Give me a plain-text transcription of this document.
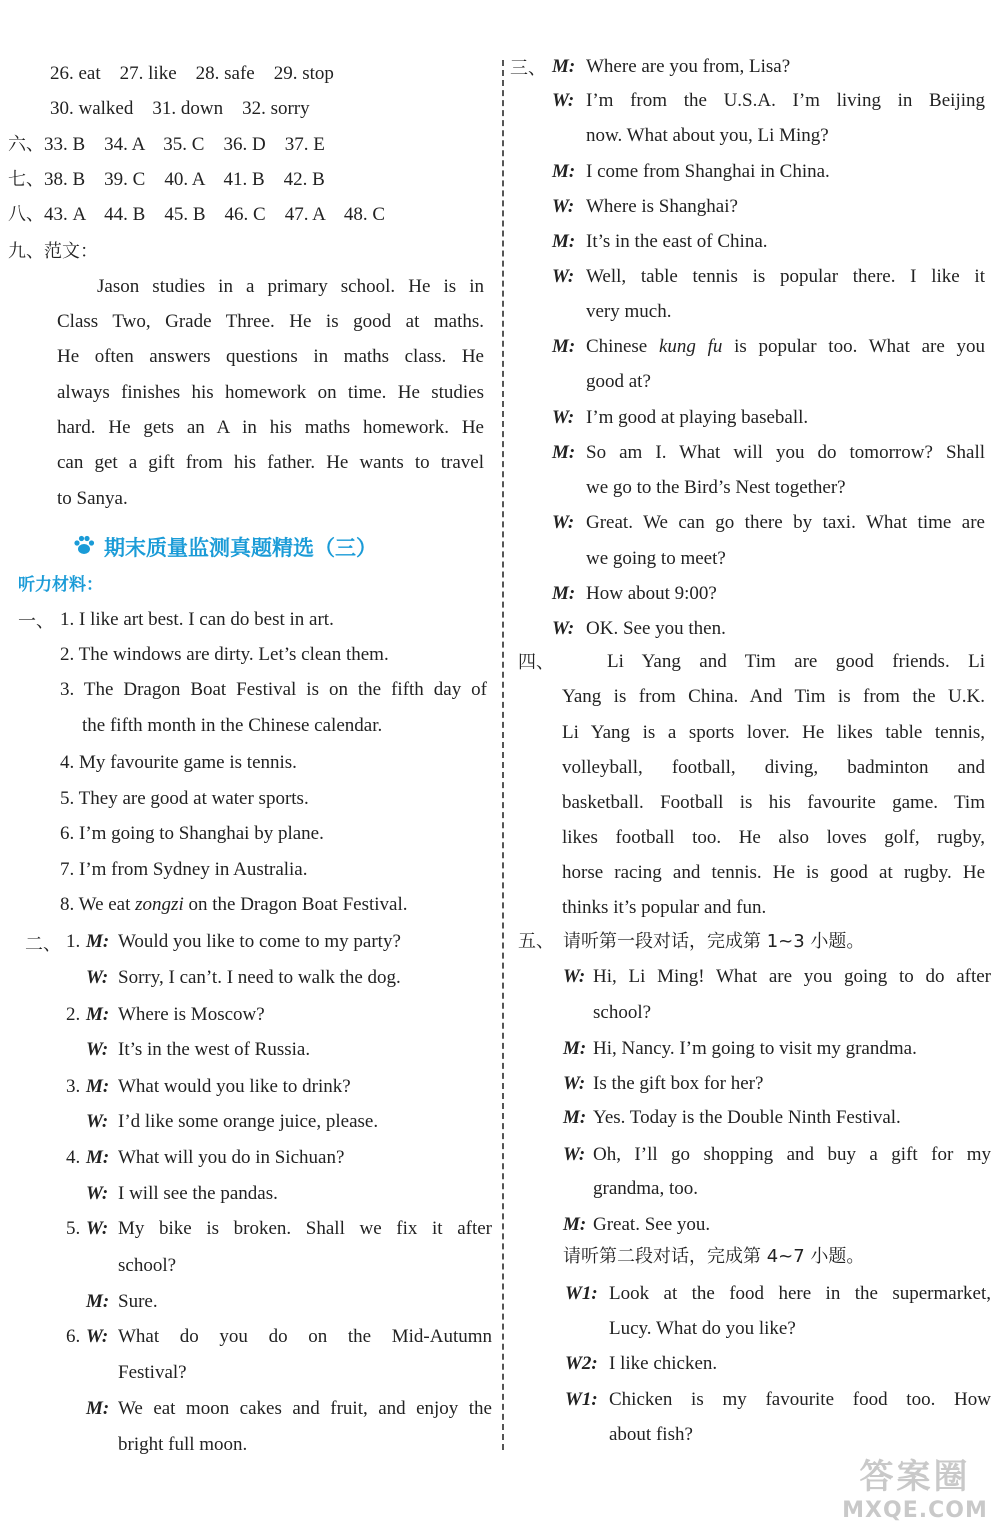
26. eat    27. like    28. safe    29. stop
30. walked    31. down    32. sorry
六、33. B    34. A    35. C    36. D    37. E
七、38. B    39. C    40. A    41. B    42. B
八、43. A    44. B    45. B    46. C    47. A    48. C
九、范文：
Jason studies in a primary school. He is in
Class Two, Grade Three. He is good at maths.
He often answers questions in maths class. He
always finishes his homework on time. He studies
hard. He gets an A in his maths homework. He
can get a gift from his father. He wants to travel
to Sanya.
期末质量监测真题精选（三）
听力材料：
一、 1. I like art best. I can do best in art.
2. The windows are dirty. Let’s clean them.
3. The Dragon Boat Festival is on the fifth day of
the fifth month in the Chinese calendar.
4. My favourite game is tennis.
5. They are good at water sports.
6. I’m going to Shanghai by plane.
7. I’m from Sydney in Australia.
8. We eat zongzi on the Dragon Boat Festival.
二、 1. M: Would you like to come to my party?
W: Sorry, I can’t. I need to walk the dog.
2. M: Where is Moscow?
W: It’s in the west of Russia.
3. M: What would you like to drink?
W: I’d like some orange juice, please.
4. M: What will you do in Sichuan?
W: I will see the pandas.
5. W: My bike is broken. Shall we fix it after
school?
M: Sure.
6. W: What do you do on the Mid-Autumn
Festival?
M: We eat moon cakes and fruit, and enjoy the
bright full moon.
三、 M: Where are you from, Lisa?
W: I’m from the U.S.A. I’m living in Beijing
now. What about you, Li Ming?
M: I come from Shanghai in China.
W: Where is Shanghai?
M: It’s in the east of China.
W: Well, table tennis is popular there. I like it
very much.
M: Chinese kung fu is popular too. What are you
good at?
W: I’m good at playing baseball.
M: So am I. What will you do tomorrow? Shall
we go to the Bird’s Nest together?
W: Great. We can go there by taxi. What time are
we going to meet?
M: How about 9:00?
W: OK. See you then.
四、	Li Yang and Tim are good friends. Li
Yang is from China. And Tim is from the U.K.
Li Yang is a sports lover. He likes table tennis,
volleyball, football, diving, badminton and
basketball. Football is his favourite game. Tim
likes football too. He also loves golf, rugby,
horse racing and tennis. He is good at rugby. He
thinks it’s popular and fun.
五、 请听第一段对话，完成第 1~3 小题。
W: Hi, Li Ming! What are you going to do after
school?
M: Hi, Nancy. I’m going to visit my grandma.
W: Is the gift box for her?
M: Yes. Today is the Double Ninth Festival.
W: Oh, I’ll go shopping and buy a gift for my
grandma, too.
M: Great. See you.
请听第二段对话，完成第 4~7 小题。
W1: Look at the food here in the supermarket,
Lucy. What do you like?
W2: I like chicken.
W1: Chicken is my favourite food too. How
about fish?
答案圈
MXQE.COM
